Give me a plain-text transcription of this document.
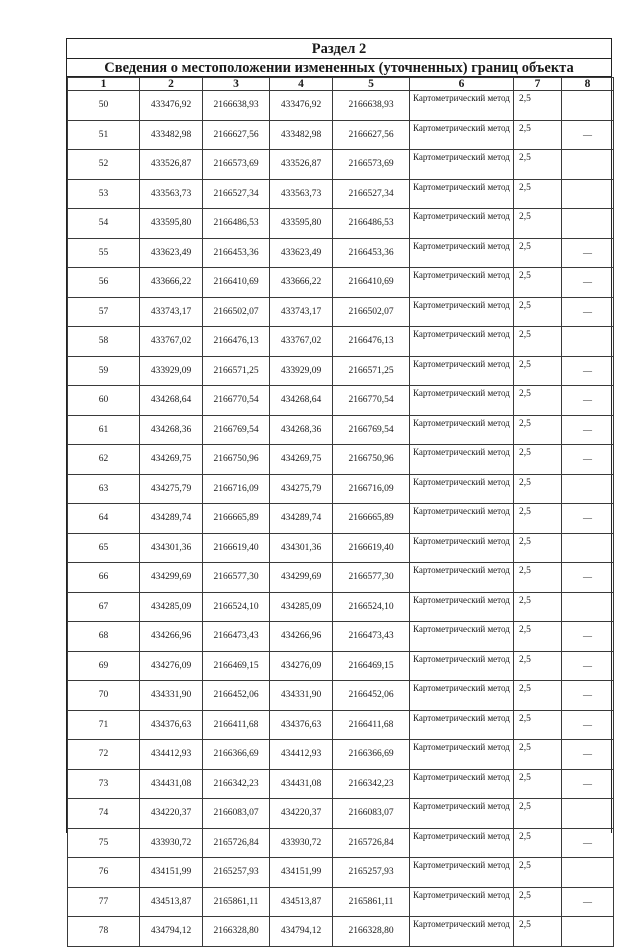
Раздел 2
Сведения о местоположении измененных (уточненных) границ объекта
1	2	3	4	5	6	7	8
50	433476,92	2166638,93	433476,92	2166638,93	Картометрический метод	2,5	
51	433482,98	2166627,56	433482,98	2166627,56	Картометрический метод	2,5	—
52	433526,87	2166573,69	433526,87	2166573,69	Картометрический метод	2,5	
53	433563,73	2166527,34	433563,73	2166527,34	Картометрический метод	2,5	
54	433595,80	2166486,53	433595,80	2166486,53	Картометрический метод	2,5	
55	433623,49	2166453,36	433623,49	2166453,36	Картометрический метод	2,5	—
56	433666,22	2166410,69	433666,22	2166410,69	Картометрический метод	2,5	—
57	433743,17	2166502,07	433743,17	2166502,07	Картометрический метод	2,5	—
58	433767,02	2166476,13	433767,02	2166476,13	Картометрический метод	2,5	
59	433929,09	2166571,25	433929,09	2166571,25	Картометрический метод	2,5	—
60	434268,64	2166770,54	434268,64	2166770,54	Картометрический метод	2,5	—
61	434268,36	2166769,54	434268,36	2166769,54	Картометрический метод	2,5	—
62	434269,75	2166750,96	434269,75	2166750,96	Картометрический метод	2,5	—
63	434275,79	2166716,09	434275,79	2166716,09	Картометрический метод	2,5	
64	434289,74	2166665,89	434289,74	2166665,89	Картометрический метод	2,5	—
65	434301,36	2166619,40	434301,36	2166619,40	Картометрический метод	2,5	
66	434299,69	2166577,30	434299,69	2166577,30	Картометрический метод	2,5	—
67	434285,09	2166524,10	434285,09	2166524,10	Картометрический метод	2,5	
68	434266,96	2166473,43	434266,96	2166473,43	Картометрический метод	2,5	—
69	434276,09	2166469,15	434276,09	2166469,15	Картометрический метод	2,5	—
70	434331,90	2166452,06	434331,90	2166452,06	Картометрический метод	2,5	—
71	434376,63	2166411,68	434376,63	2166411,68	Картометрический метод	2,5	—
72	434412,93	2166366,69	434412,93	2166366,69	Картометрический метод	2,5	—
73	434431,08	2166342,23	434431,08	2166342,23	Картометрический метод	2,5	—
74	434220,37	2166083,07	434220,37	2166083,07	Картометрический метод	2,5	
75	433930,72	2165726,84	433930,72	2165726,84	Картометрический метод	2,5	—
76	434151,99	2165257,93	434151,99	2165257,93	Картометрический метод	2,5	
77	434513,87	2165861,11	434513,87	2165861,11	Картометрический метод	2,5	—
78	434794,12	2166328,80	434794,12	2166328,80	Картометрический метод	2,5	
